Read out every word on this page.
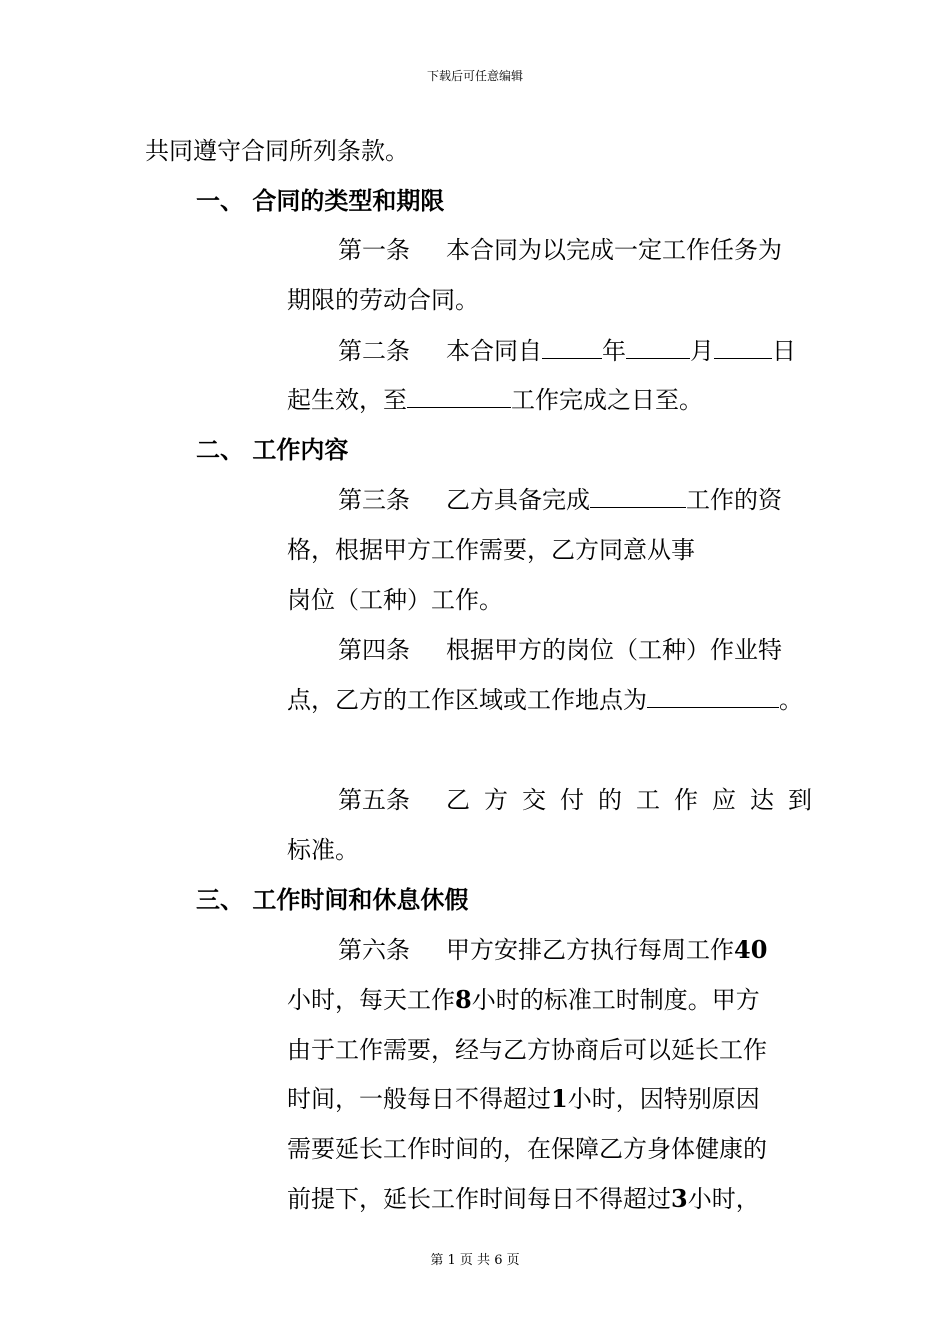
下载后可任意编辑
共同遵守合同所列条款。
一、 合同的类型和期限
第一条 本合同为以完成一定工作任务为
期限的劳动合同。
第二条 本合同自	年	月 日
起生效，至	工作完成之日至。
二、 工作内容
第三条 乙方具备完成	工作的资
格，根据甲方工作需要，乙方同意从事
岗位（工种）工作。
第四条 根据甲方的岗位（工种）作业特
点，乙方的工作区域或工作地点为	。
第五条 乙方交付的工作应达到
标准。
三、 工作时间和休息休假
第六条 甲方安排乙方执行每周工作40
小时，每天工作8小时的标准工时制度。甲方
由于工作需要，经与乙方协商后可以延长工作
时间，一般每日不得超过1小时，因特别原因
需要延长工作时间的，在保障乙方身体健康的
前提下，延长工作时间每日不得超过3小时，
第 1 页 共 6 页
